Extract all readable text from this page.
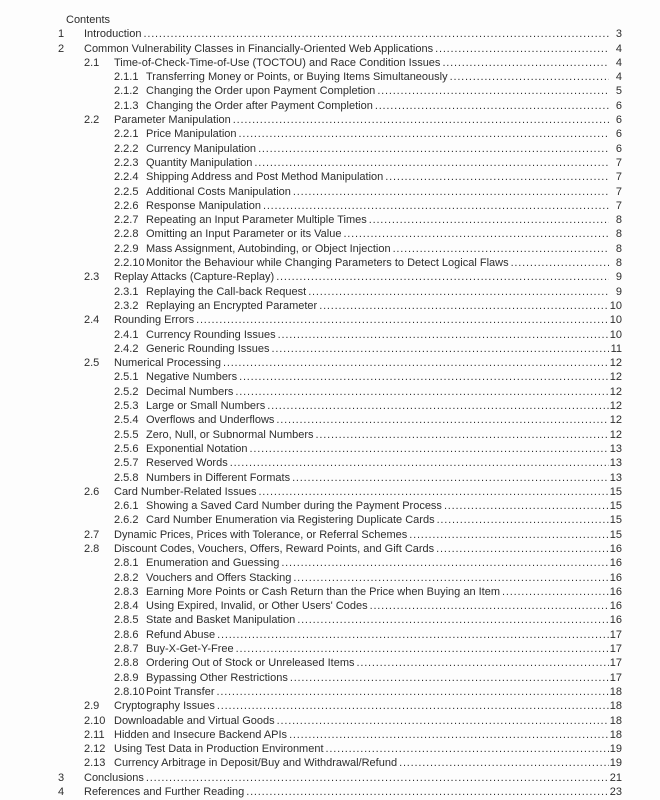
Contents
1	Introduction .....	3
2	Common Vulnerability Classes in Financially-Oriented Web Applications .....	4
2.1	Time-of-Check-Time-of-Use (TOCTOU) and Race Condition Issues .....	4
2.1.1 Transferring Money or Points, or Buying Items Simultaneously .....	4
2.1.2 Changing the Order upon Payment Completion .....	5
2.1.3 Changing the Order after Payment Completion .....	6
2.2	Parameter Manipulation .....	6
2.2.1 Price Manipulation .....	6
2.2.2 Currency Manipulation .....	6
2.2.3 Quantity Manipulation .....	7
2.2.4 Shipping Address and Post Method Manipulation .....	7
2.2.5 Additional Costs Manipulation .....	7
2.2.6 Response Manipulation .....	7
2.2.7 Repeating an Input Parameter Multiple Times .....	8
2.2.8 Omitting an Input Parameter or its Value .....	8
2.2.9 Mass Assignment, Autobinding, or Object Injection .....	8
2.2.10 Monitor the Behaviour while Changing Parameters to Detect Logical Flaws .....	8
2.3	Replay Attacks (Capture-Replay) .....	9
2.3.1 Replaying the Call-back Request .....	9
2.3.2 Replaying an Encrypted Parameter .....	10
2.4	Rounding Errors .....	10
2.4.1 Currency Rounding Issues .....	10
2.4.2 Generic Rounding Issues .....	11
2.5	Numerical Processing .....	12
2.5.1 Negative Numbers .....	12
2.5.2 Decimal Numbers .....	12
2.5.3 Large or Small Numbers .....	12
2.5.4 Overflows and Underflows .....	12
2.5.5 Zero, Null, or Subnormal Numbers .....	12
2.5.6 Exponential Notation .....	13
2.5.7 Reserved Words .....	13
2.5.8 Numbers in Different Formats .....	13
2.6	Card Number-Related Issues .....	15
2.6.1 Showing a Saved Card Number during the Payment Process .....	15
2.6.2 Card Number Enumeration via Registering Duplicate Cards .....	15
2.7	Dynamic Prices, Prices with Tolerance, or Referral Schemes .....	15
2.8	Discount Codes, Vouchers, Offers, Reward Points, and Gift Cards .....	16
2.8.1 Enumeration and Guessing .....	16
2.8.2 Vouchers and Offers Stacking .....	16
2.8.3 Earning More Points or Cash Return than the Price when Buying an Item .....	16
2.8.4 Using Expired, Invalid, or Other Users' Codes .....	16
2.8.5 State and Basket Manipulation .....	16
2.8.6 Refund Abuse .....	17
2.8.7 Buy-X-Get-Y-Free .....	17
2.8.8 Ordering Out of Stock or Unreleased Items .....	17
2.8.9 Bypassing Other Restrictions .....	17
2.8.10 Point Transfer .....	18
2.9	Cryptography Issues .....	18
2.10 Downloadable and Virtual Goods .....	18
2.11 Hidden and Insecure Backend APIs .....	18
2.12 Using Test Data in Production Environment .....	19
2.13 Currency Arbitrage in Deposit/Buy and Withdrawal/Refund .....	19
3	Conclusions .....	21
4	References and Further Reading .....	23
